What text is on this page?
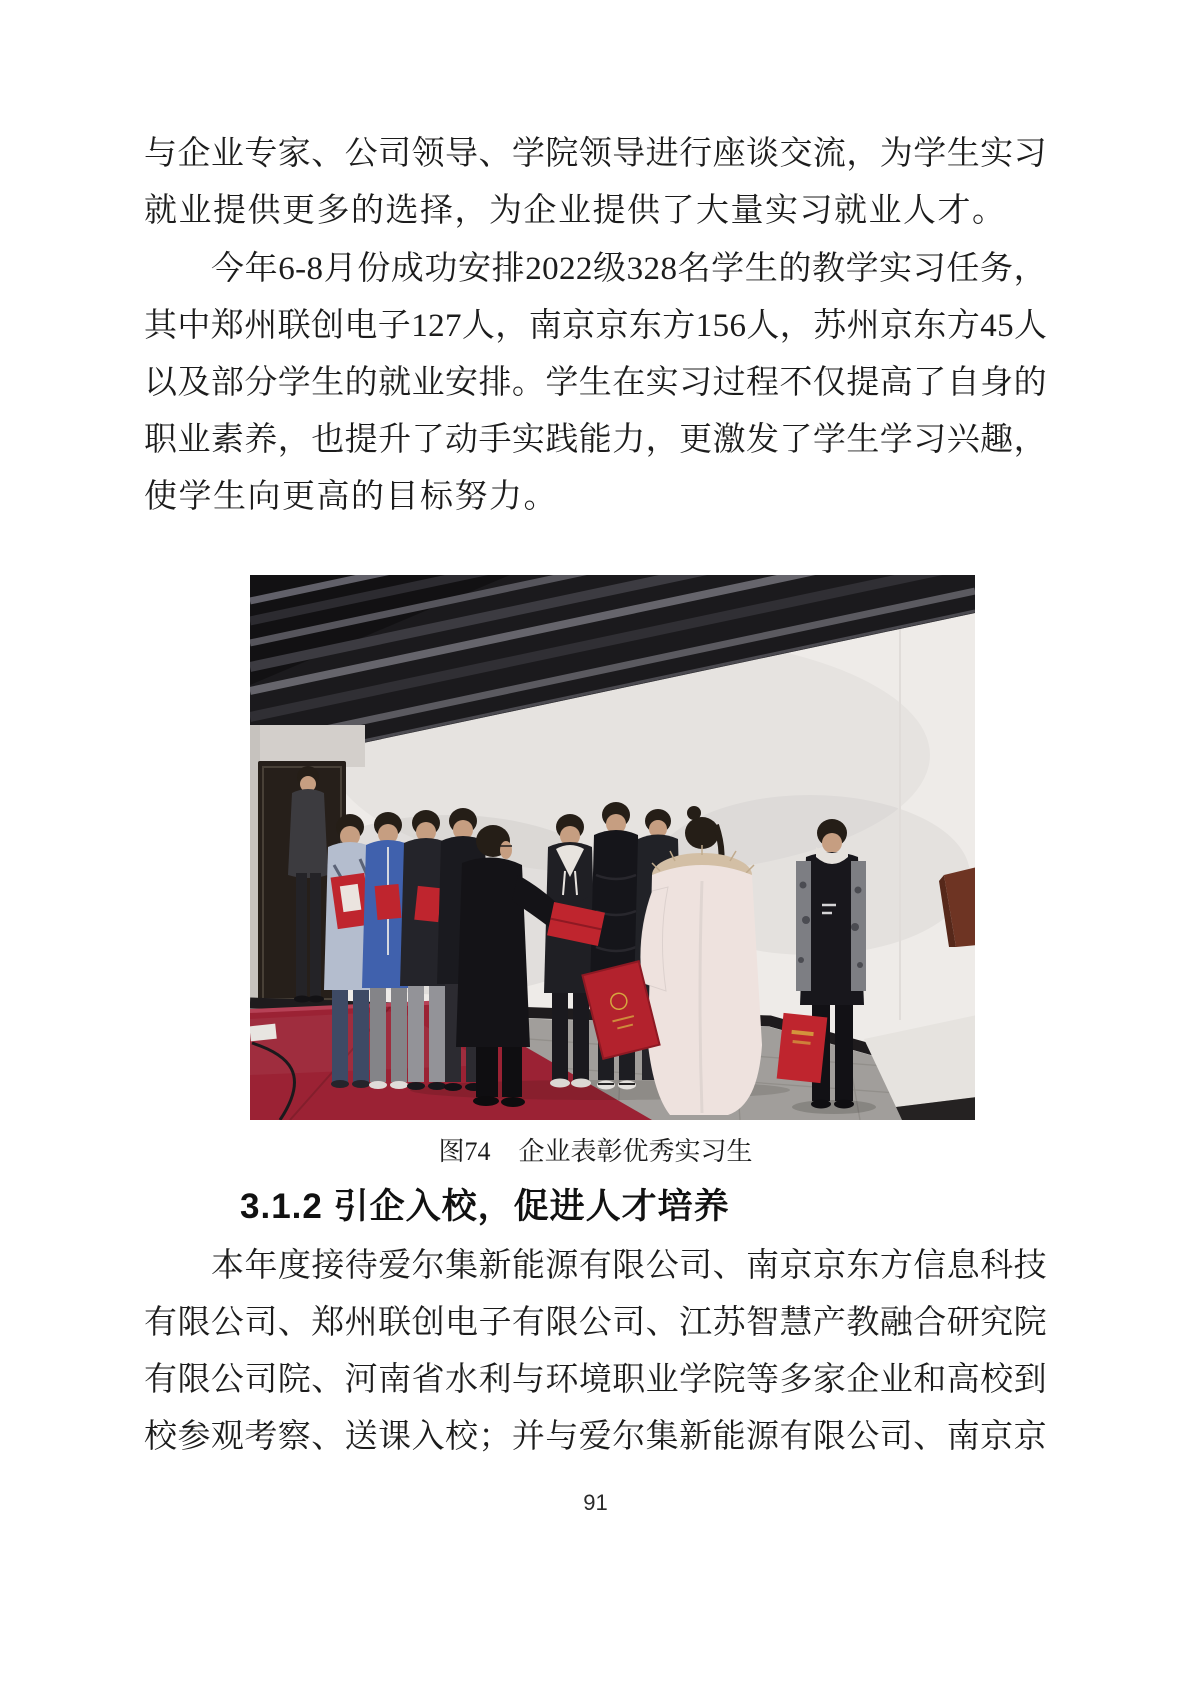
与企业专家、公司领导、学院领导进行座谈交流，为学生实习
就业提供更多的选择，为企业提供了大量实习就业人才。
今年6-8月份成功安排2022级328名学生的教学实习任务，
其中郑州联创电子127人，南京京东方156人，苏州京东方45人
以及部分学生的就业安排。学生在实习过程不仅提高了自身的
职业素养，也提升了动手实践能力，更激发了学生学习兴趣，
使学生向更高的目标努力。
图74 企业表彰优秀实习生
3.1.2 引企入校，促进人才培养
本年度接待爱尔集新能源有限公司、南京京东方信息科技
有限公司、郑州联创电子有限公司、江苏智慧产教融合研究院
有限公司院、河南省水利与环境职业学院等多家企业和高校到
校参观考察、送课入校；并与爱尔集新能源有限公司、南京京
91
